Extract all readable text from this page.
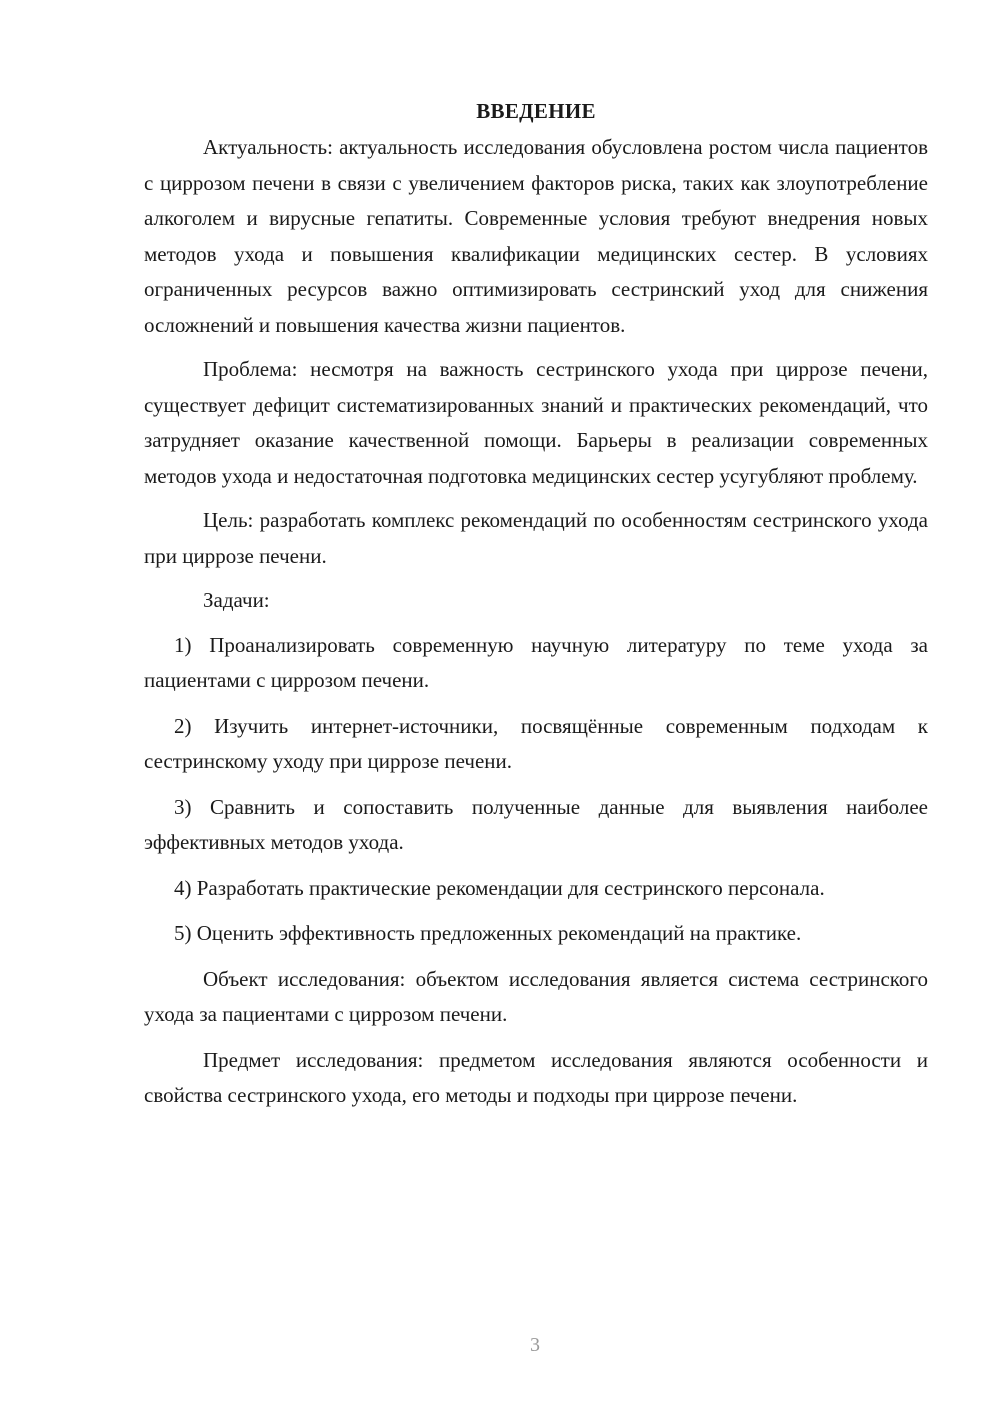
ВВЕДЕНИЕ

Актуальность: актуальность исследования обусловлена ростом числа пациентов с циррозом печени в связи с увеличением факторов риска, таких как злоупотребление алкоголем и вирусные гепатиты. Современные условия требуют внедрения новых методов ухода и повышения квалификации медицинских сестер. В условиях ограниченных ресурсов важно оптимизировать сестринский уход для снижения осложнений и повышения качества жизни пациентов.

Проблема: несмотря на важность сестринского ухода при циррозе печени, существует дефицит систематизированных знаний и практических рекомендаций, что затрудняет оказание качественной помощи. Барьеры в реализации современных методов ухода и недостаточная подготовка медицинских сестер усугубляют проблему.

Цель: разработать комплекс рекомендаций по особенностям сестринского ухода при циррозе печени.

Задачи:

1) Проанализировать современную научную литературу по теме ухода за пациентами с циррозом печени.

2) Изучить интернет-источники, посвящённые современным подходам к сестринскому уходу при циррозе печени.

3) Сравнить и сопоставить полученные данные для выявления наиболее эффективных методов ухода.

4) Разработать практические рекомендации для сестринского персонала.

5) Оценить эффективность предложенных рекомендаций на практике.

Объект исследования: объектом исследования является система сестринского ухода за пациентами с циррозом печени.

Предмет исследования: предметом исследования являются особенности и свойства сестринского ухода, его методы и подходы при циррозе печени.

3
